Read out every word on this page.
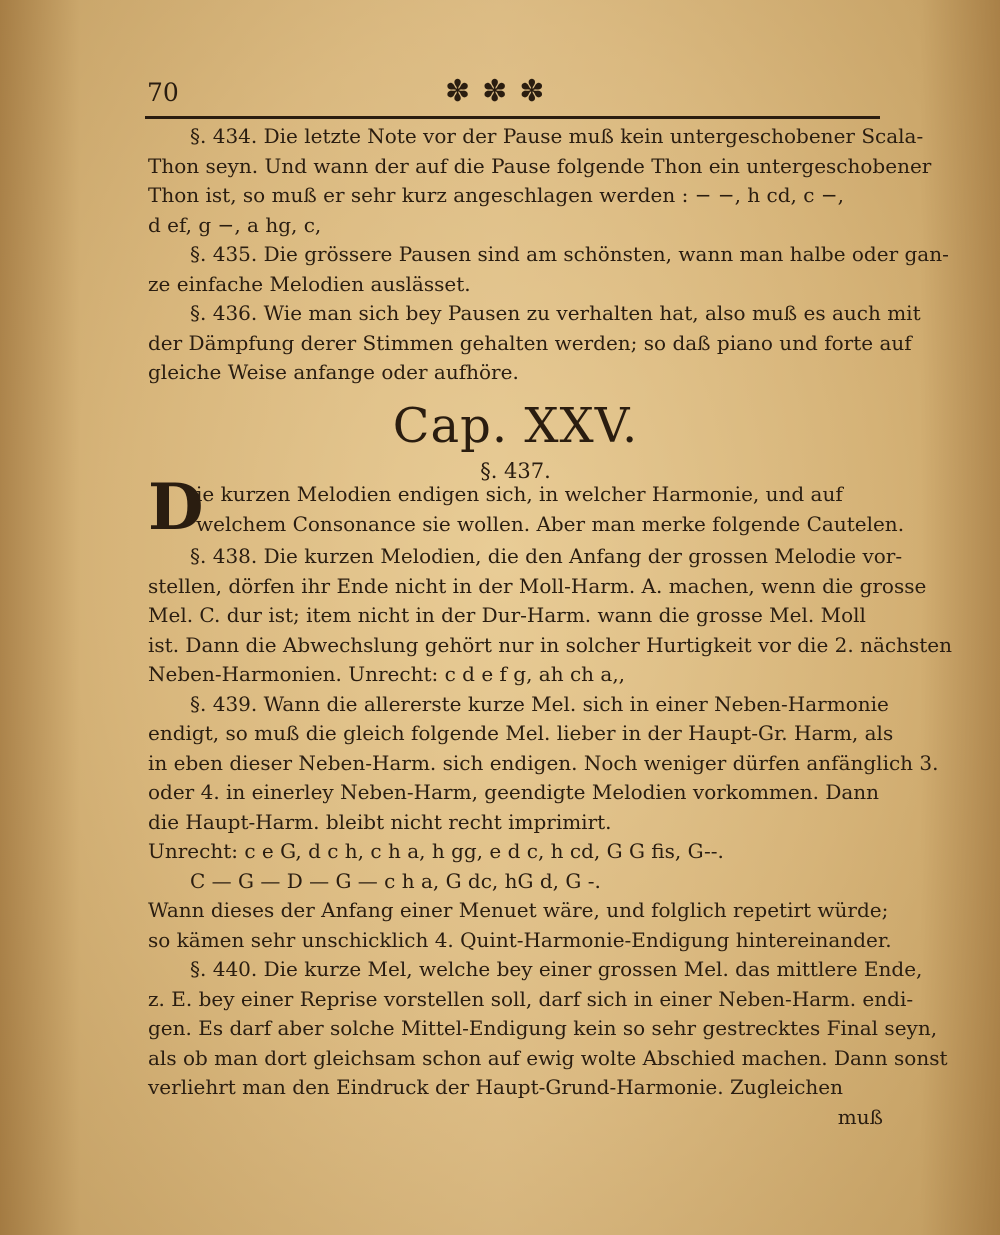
70	✽✽✽
§. 434. Die letzte Note vor der Pause muß kein untergeschobener Scala-
Thon seyn. Und wann der auf die Pause folgende Thon ein untergeschobener
Thon ist, so muß er sehr kurz angeschlagen werden : − −, h cd, c −,
d ef, g −, a hg, c,
§. 435. Die grössere Pausen sind am schönsten, wann man halbe oder gan-
ze einfache Melodien auslässet.
§. 436. Wie man sich bey Pausen zu verhalten hat, also muß es auch mit
der Dämpfung derer Stimmen gehalten werden; so daß piano und forte auf
gleiche Weise anfange oder aufhöre.
Cap. XXV.
§. 437.
D
ie kurzen Melodien endigen sich, in welcher Harmonie, und auf
welchem Consonance sie wollen. Aber man merke folgende Cautelen.
§. 438. Die kurzen Melodien, die den Anfang der grossen Melodie vor-
stellen, dörfen ihr Ende nicht in der Moll-Harm. A. machen, wenn die grosse
Mel. C. dur ist; item nicht in der Dur-Harm. wann die grosse Mel. Moll
ist. Dann die Abwechslung gehört nur in solcher Hurtigkeit vor die 2. nächsten
Neben-Harmonien. Unrecht: c d e f g, ah ch a,,
§. 439. Wann die allererste kurze Mel. sich in einer Neben-Harmonie
endigt, so muß die gleich folgende Mel. lieber in der Haupt-Gr. Harm, als
in eben dieser Neben-Harm. sich endigen. Noch weniger dürfen anfänglich 3.
oder 4. in einerley Neben-Harm, geendigte Melodien vorkommen. Dann
die Haupt-Harm. bleibt nicht recht imprimirt.
Unrecht: c e G, d c h, c h a, h gg, e d c, h cd, G G fis, G--.
C — G — D — G — c h a, G dc, hG d, G -.
Wann dieses der Anfang einer Menuet wäre, und folglich repetirt würde;
so kämen sehr unschicklich 4. Quint-Harmonie-Endigung hintereinander.
§. 440. Die kurze Mel, welche bey einer grossen Mel. das mittlere Ende,
z. E. bey einer Reprise vorstellen soll, darf sich in einer Neben-Harm. endi-
gen. Es darf aber solche Mittel-Endigung kein so sehr gestrecktes Final seyn,
als ob man dort gleichsam schon auf ewig wolte Abschied machen. Dann sonst
verliehrt man den Eindruck der Haupt-Grund-Harmonie. Zugleichen
muß
